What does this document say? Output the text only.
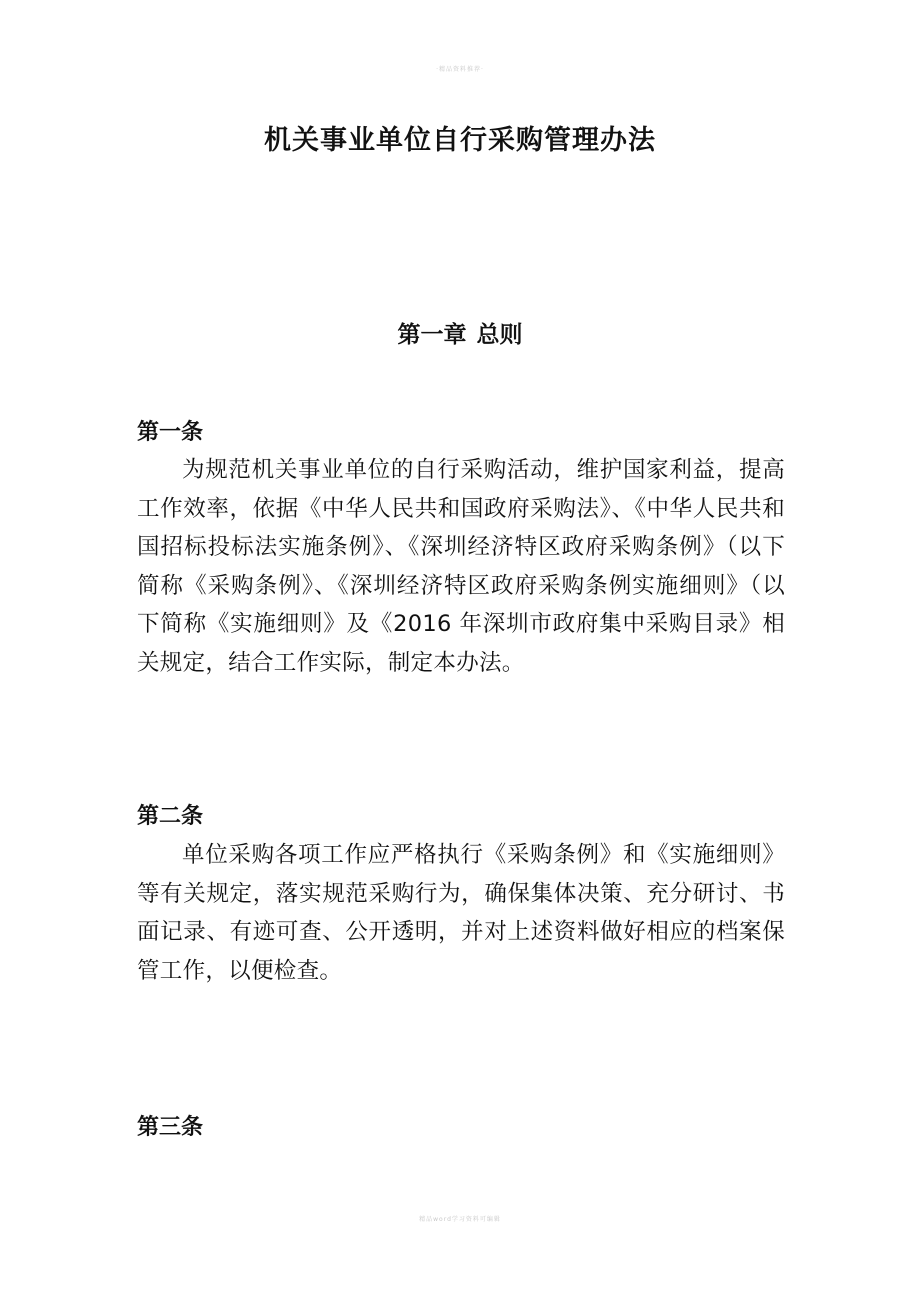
·精品资料推荐·
机关事业单位自行采购管理办法
第一章 总则
第一条

为规范机关事业单位的自行采购活动，维护国家利益，提高工作效率，依据《中华人民共和国政府采购法》、《中华人民共和国招标投标法实施条例》、《深圳经济特区政府采购条例》（以下简称《采购条例》、《深圳经济特区政府采购条例实施细则》（以下简称《实施细则》及《2016 年深圳市政府集中采购目录》相关规定，结合工作实际，制定本办法。

第二条

单位采购各项工作应严格执行《采购条例》和《实施细则》等有关规定，落实规范采购行为，确保集体决策、充分研讨、书面记录、有迹可查、公开透明，并对上述资料做好相应的档案保管工作，以便检查。

第三条

精品word学习资料可编辑
